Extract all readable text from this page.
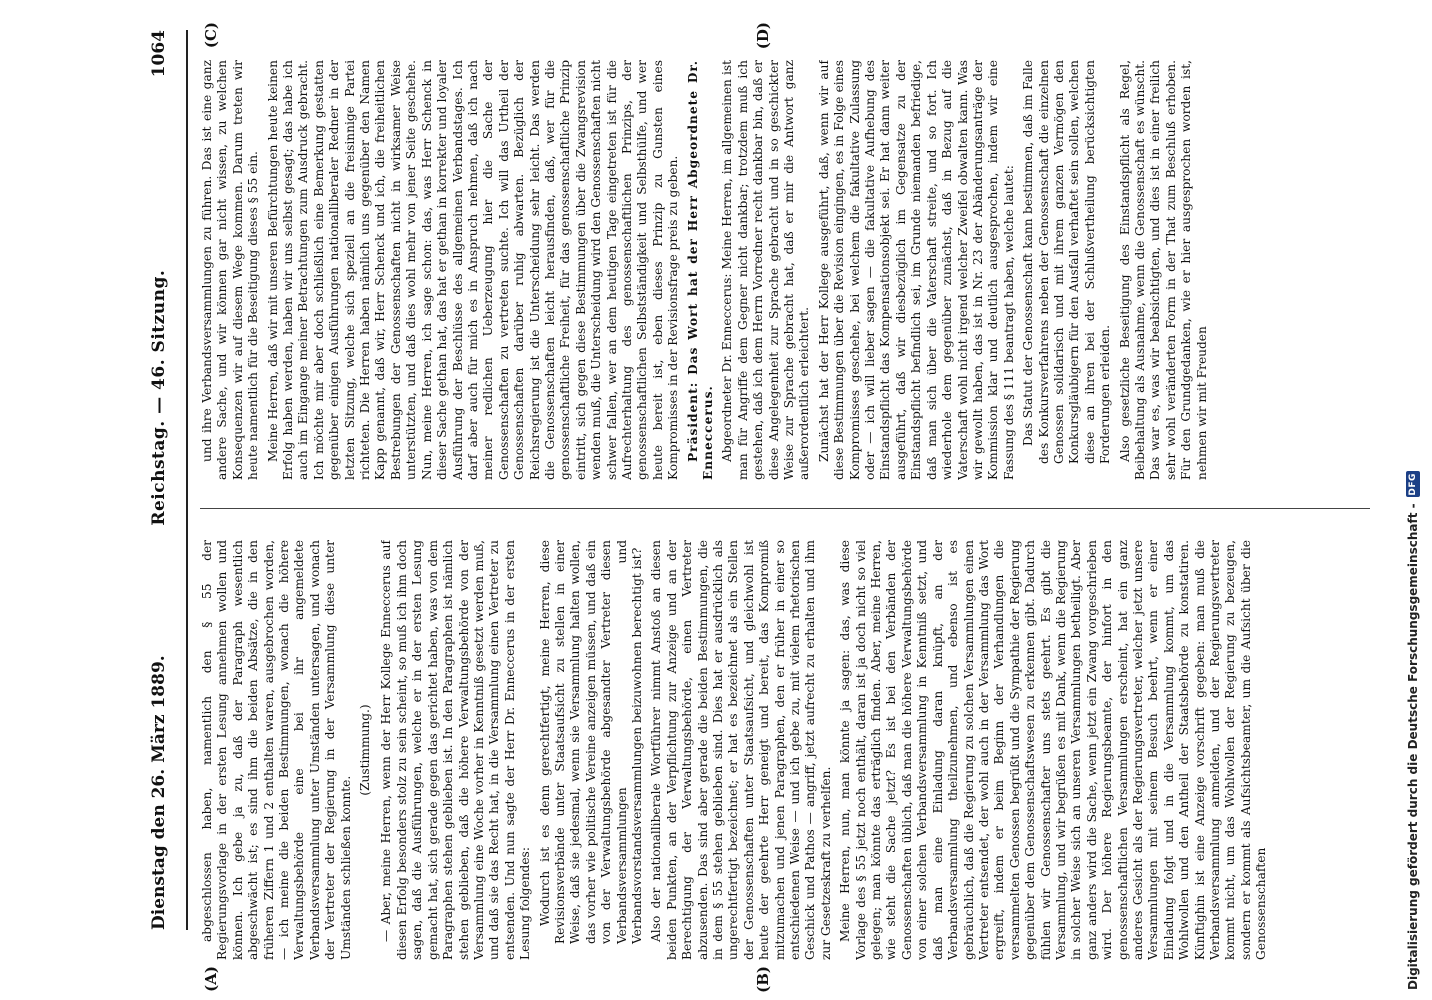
Dienstag den 26. März 1889.
Reichstag. — 46. Sitzung.
1064
(A)	(B)
(C)	(D)

abgeschlossen haben, namentlich den § 55 der Regierungsvorlage in der ersten Lesung annehmen wollen und können. Ich gebe ja zu, daß der Paragraph wesentlich abgeschwächt ist; es sind ihm die beiden Absätze, die in den früheren Ziffern 1 und 2 enthalten waren, ausgebrochen worden, — ich meine die beiden Bestimmungen, wonach die höhere Verwaltungsbehörde eine bei ihr angemeldete Verbandsversammlung unter Umständen untersagen, und wonach der Vertreter der Regierung in der Versammlung diese unter Umständen schließen konnte.

(Zustimmung.) — Aber, meine Herren, wenn der Herr Kollege Enneccerus auf diesen Erfolg besonders stolz zu sein scheint, so muß ich ihm doch sagen, daß die Ausführungen, welche er in der ersten Lesung gemacht hat, sich gerade gegen das gerichtet haben, was von dem Paragraphen stehen geblieben ist. In den Paragraphen ist nämlich stehen geblieben, daß die höhere Verwaltungsbehörde von der Versammlung eine Woche vorher in Kenntniß gesetzt werden muß, und daß sie das Recht hat, in die Versammlung einen Vertreter zu entsenden. Und nun sagte der Herr Dr. Enneccerus in der ersten Lesung folgendes: Wodurch ist es denn gerechtfertigt, meine Herren, diese Revisionsverbände unter Staatsaufsicht zu stellen in einer Weise, daß sie jedesmal, wenn sie Versammlung halten wollen, das vorher wie politische Vereine anzeigen müssen, und daß ein von der Verwaltungsbehörde abgesandter Vertreter diesen Verbandsversammlungen und Verbandsvorstandsversammlungen beizuwohnen berechtigt ist? Also der nationalliberale Wortführer nimmt Anstoß an diesen beiden Punkten, an der Verpflichtung zur Anzeige und an der Berechtigung der Verwaltungsbehörde, einen Vertreter abzusenden. Das sind aber gerade die beiden Bestimmungen, die in dem § 55 stehen geblieben sind. Dies hat er ausdrücklich als ungerechtfertigt bezeichnet; er hat es bezeichnet als ein Stellen der Genossenschaften unter Staatsaufsicht, und gleichwohl ist heute der geehrte Herr geneigt und bereit, das Kompromiß mitzumachen und jenen Paragraphen, den er früher in einer so entschiedenen Weise — und ich gebe zu, mit vielem rhetorischen Geschick und Pathos — angriff, jetzt aufrecht zu erhalten und ihm zur Gesetzeskraft zu verhelfen. Meine Herren, nun, man könnte ja sagen: das, was diese Vorlage des § 55 jetzt noch enthält, daran ist ja doch nicht so viel gelegen; man könnte das erträglich finden. Aber, meine Herren, wie steht die Sache jetzt? Es ist bei den Verbänden der Genossenschaften üblich, daß man die höhere Verwaltungsbehörde von einer solchen Verbandsversammlung in Kenntniß setzt, und daß man eine Einladung daran knüpft, an der Verbandsversammlung theilzunehmen, und ebenso ist es gebräuchlich, daß die Regierung zu solchen Versammlungen einen Vertreter entsendet, der wohl auch in der Versammlung das Wort ergreift, indem er beim Beginn der Verhandlungen die versammelten Genossen begrüßt und die Sympathie der Regierung gegenüber dem Genossenschaftswesen zu erkennen gibt. Dadurch fühlen wir Genossenschafter uns stets geehrt. Es gibt die Versammlung, und wir begrüßen es mit Dank, wenn die Regierung in solcher Weise sich an unseren Versammlungen betheiligt. Aber ganz anders wird die Sache, wenn jetzt ein Zwang vorgeschrieben wird. Der höhere Regierungsbeamte, der hinfort in den genossenschaftlichen Versammlungen erscheint, hat ein ganz anderes Gesicht als der Regierungsvertreter, welcher jetzt unsere Versammlungen mit seinem Besuch beehrt, wenn er einer Einladung folgt und in die Versammlung kommt, um das Wohlwollen und den Antheil der Staatsbehörde zu konstatiren. Künftighin ist eine Anzeige vorschrift gegeben: man muß die Verbandsversammlung anmelden, und der Regierungsvertreter kommt nicht, um das Wohlwollen der Regierung zu bezeugen, sondern er kommt als Aufsichtsbeamter, um die Aufsicht über die Genossenschaften

und ihre Verbandsversammlungen zu führen. Das ist eine ganz andere Sache, und wir können gar nicht wissen, zu welchen Konsequenzen wir auf diesem Wege kommen. Darum treten wir heute namentlich für die Beseitigung dieses § 55 ein. Meine Herren, daß wir mit unseren Befürchtungen heute keinen Erfolg haben werden, haben wir uns selbst gesagt; das habe ich auch im Eingange meiner Betrachtungen zum Ausdruck gebracht. Ich möchte mir aber doch schließlich eine Bemerkung gestatten gegenüber einigen Ausführungen nationalliberaler Redner in der letzten Sitzung, welche sich speziell an die freisinnige Partei richteten. Die Herren haben nämlich uns gegenüber den Namen Kapp genannt, daß wir, Herr Schenck und ich, die freiheitlichen Bestrebungen der Genossenschaften nicht in wirksamer Weise unterstützten, und daß dies wohl mehr von jener Seite geschehe. Nun, meine Herren, ich sage schon: das, was Herr Schenck in dieser Sache gethan hat, das hat er gethan in korrekter und loyaler Ausführung der Beschlüsse des allgemeinen Verbandstages. Ich darf aber auch für mich es in Anspruch nehmen, daß ich nach meiner redlichen Ueberzeugung hier die Sache der Genossenschaften zu vertreten suchte. Ich will das Urtheil der Genossenschaften darüber ruhig abwarten. Bezüglich der Reichsregierung ist die Unterscheidung sehr leicht. Das werden die Genossenschaften leicht herausfinden, daß, wer für die genossenschaftliche Freiheit, für das genossenschaftliche Prinzip eintritt, sich gegen diese Bestimmungen über die Zwangsrevision wenden muß, die Unterscheidung wird den Genossenschaften nicht schwer fallen, wer an dem heutigen Tage eingetreten ist für die Aufrechterhaltung des genossenschaftlichen Prinzips, der genossenschaftlichen Selbstständigkeit und Selbsthülfe, und wer heute bereit ist, eben dieses Prinzip zu Gunsten eines Kompromisses in der Revisionsfrage preis zu geben. Präsident: Das Wort hat der Herr Abgeordnete Dr. Enneccerus. Abgeordneter Dr. Enneccerus: Meine Herren, im allgemeinen ist man für Angriffe dem Gegner nicht dankbar; trotzdem muß ich gestehen, daß ich dem Herrn Vorredner recht dankbar bin, daß er diese Angelegenheit zur Sprache gebracht und in so geschickter Weise zur Sprache gebracht hat, daß er mir die Antwort ganz außerordentlich erleichtert. Zunächst hat der Herr Kollege ausgeführt, daß, wenn wir auf diese Bestimmungen über die Revision eingingen, es in Folge eines Kompromisses geschehe, bei welchem die fakultative Zulassung oder — ich will lieber sagen — die fakultative Aufhebung des Einstandspflicht das Kompensationsobjekt sei. Er hat dann weiter ausgeführt, daß wir diesbezüglich im Gegensatze zu der Einstandspflicht befindlich sei, im Grunde niemanden befriedige, daß man sich über die Vaterschaft streite, und so fort. Ich wiederhole dem gegenüber zunächst, daß in Bezug auf die Vaterschaft wohl nicht irgend welcher Zweifel obwalten kann. Was wir gewollt haben, das ist in Nr. 23 der Abänderungsanträge der Kommission klar und deutlich ausgesprochen, indem wir eine Fassung des § 111 beantragt haben, welche lautet: Das Statut der Genossenschaft kann bestimmen, daß im Falle des Konkursverfahrens neben der Genossenschaft die einzelnen Genossen solidarisch und mit ihrem ganzen Vermögen den Konkursgläubigern für den Ausfall verhaftet sein sollen, welchen diese an ihren bei der Schlußvertheilung berücksichtigten Forderungen erleiden. Also gesetzliche Beseitigung des Einstandspflicht als Regel, Beibehaltung als Ausnahme, wenn die Genossenschaft es wünscht. Das war es, was wir beabsichtigten, und dies ist in einer freilich sehr wohl veränderten Form in der That zum Beschluß erhoben. Für den Grundgedanken, wie er hier ausgesprochen worden ist, nehmen wir mit Freuden

Digitalisierung gefördert durch die Deutsche Forschungsgemeinschaft -
DFG
